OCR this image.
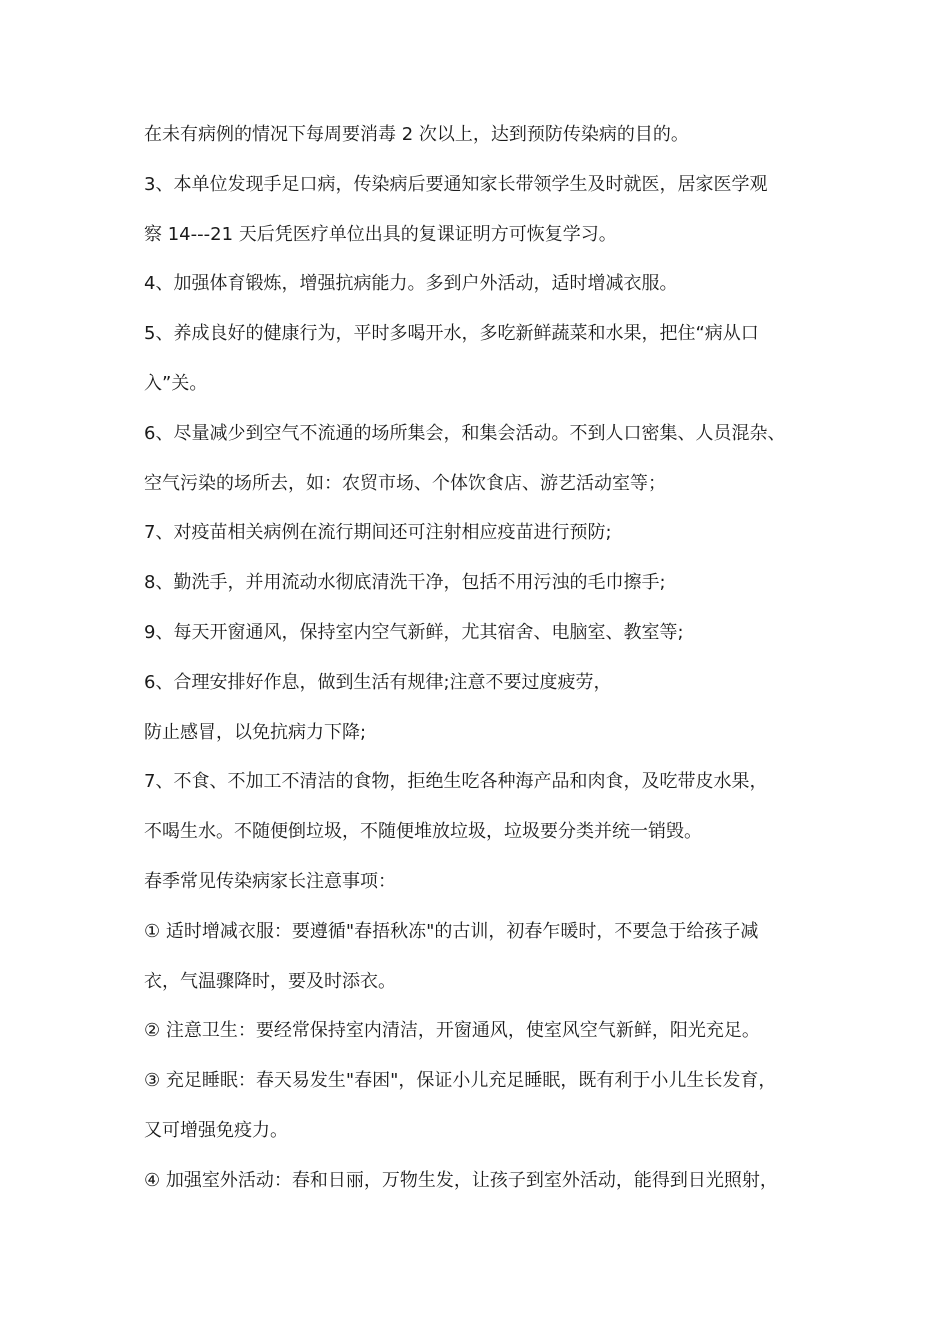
在未有病例的情况下每周要消毒 2 次以上，达到预防传染病的目的。
3、本单位发现手足口病，传染病后要通知家长带领学生及时就医，居家医学观
察 14---21 天后凭医疗单位出具的复课证明方可恢复学习。
4、加强体育锻炼，增强抗病能力。多到户外活动，适时增减衣服。
5、养成良好的健康行为，平时多喝开水，多吃新鲜蔬菜和水果，把住“病从口
入”关。
6、尽量减少到空气不流通的场所集会，和集会活动。不到人口密集、人员混杂、
空气污染的场所去，如：农贸市场、个体饮食店、游艺活动室等；
7、对疫苗相关病例在流行期间还可注射相应疫苗进行预防;
8、勤洗手，并用流动水彻底清洗干净，包括不用污浊的毛巾擦手;
9、每天开窗通风，保持室内空气新鲜，尤其宿舍、电脑室、教室等;
6、合理安排好作息，做到生活有规律;注意不要过度疲劳，
防止感冒，以免抗病力下降;
7、不食、不加工不清洁的食物，拒绝生吃各种海产品和肉食，及吃带皮水果，
不喝生水。不随便倒垃圾，不随便堆放垃圾，垃圾要分类并统一销毁。
春季常见传染病家长注意事项：
① 适时增减衣服：要遵循"春捂秋冻"的古训，初春乍暖时，不要急于给孩子减
衣，气温骤降时，要及时添衣。
② 注意卫生：要经常保持室内清洁，开窗通风，使室风空气新鲜，阳光充足。
③ 充足睡眠：春天易发生"春困"，保证小儿充足睡眠，既有利于小儿生长发育，
又可增强免疫力。
④ 加强室外活动：春和日丽，万物生发，让孩子到室外活动，能得到日光照射，
